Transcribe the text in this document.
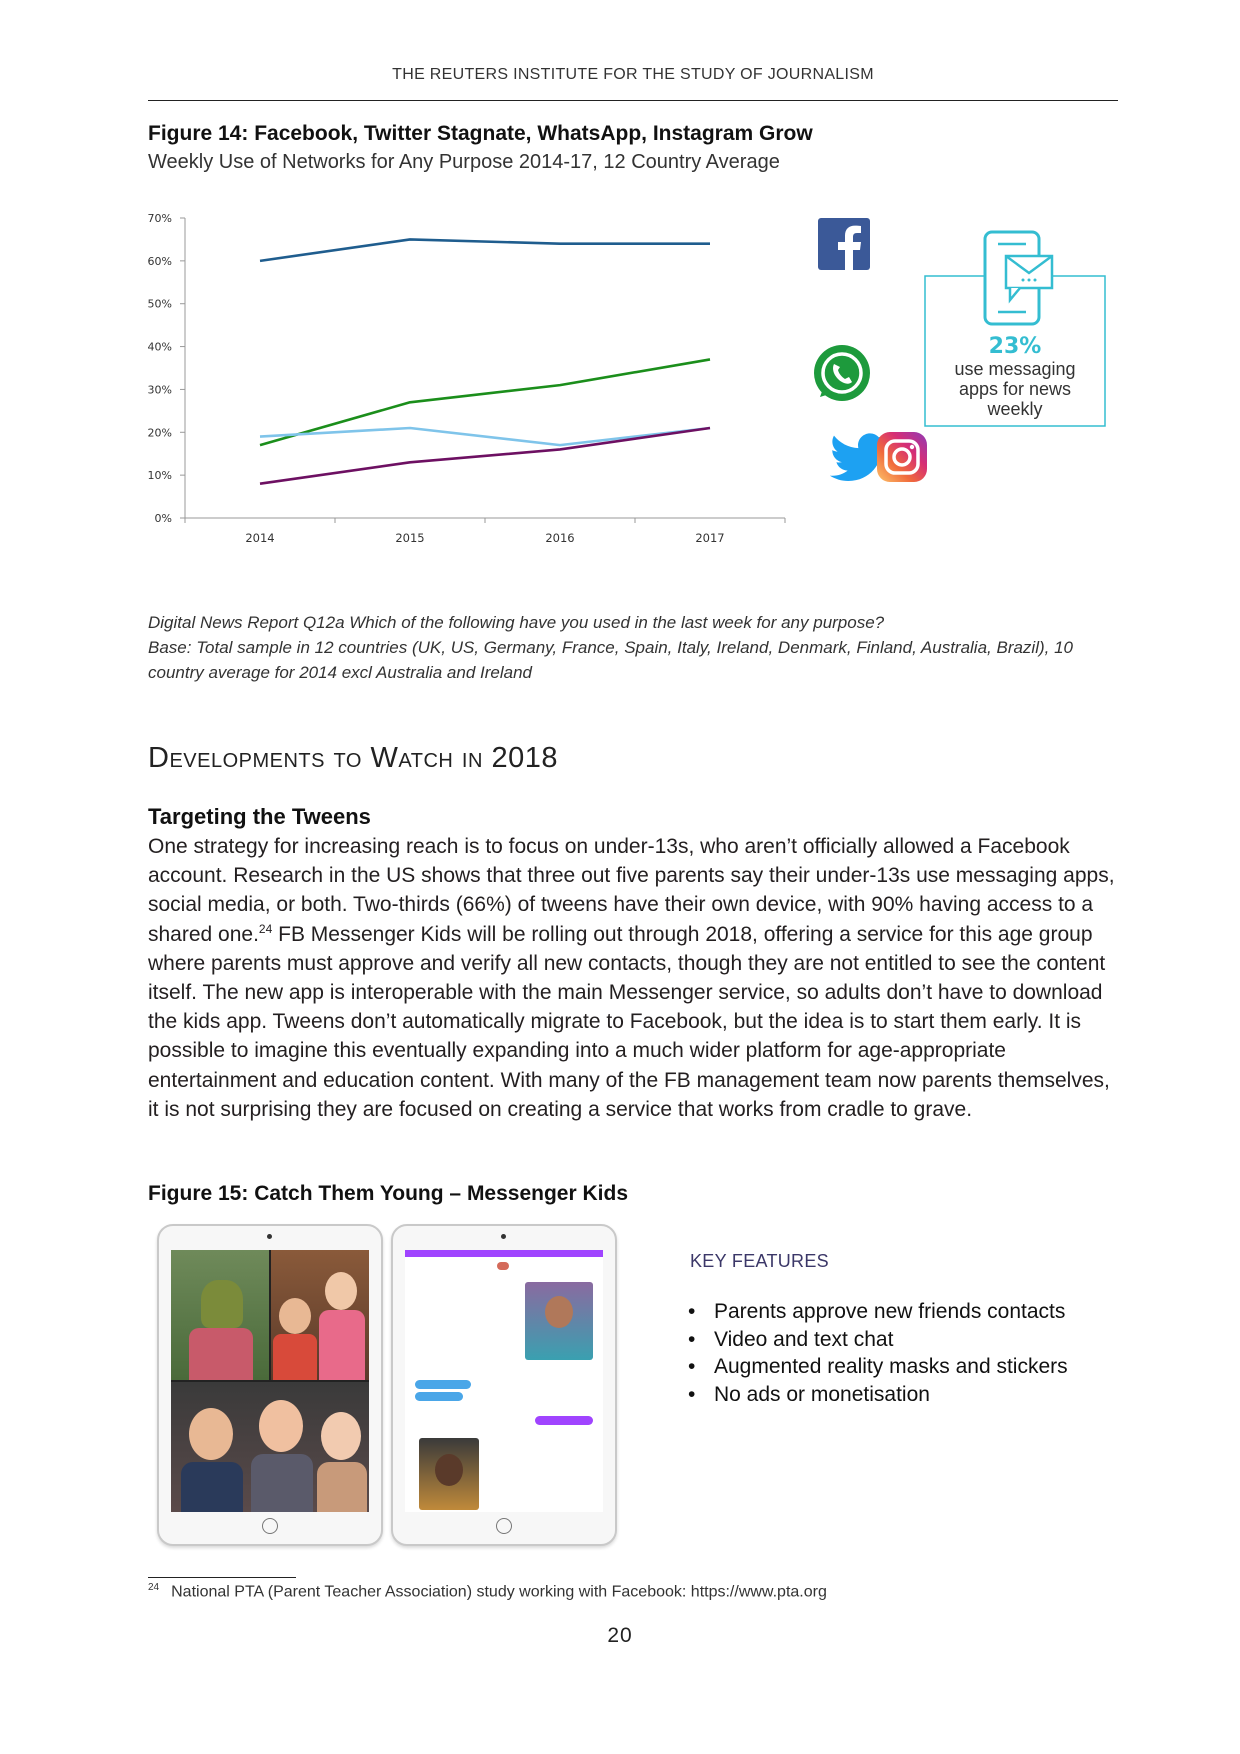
THE REUTERS INSTITUTE FOR THE STUDY OF JOURNALISM
Figure 14: Facebook, Twitter Stagnate, WhatsApp, Instagram Grow
Weekly Use of Networks for Any Purpose 2014-17, 12 Country Average
0%
10%
20%
30%
40%
50%
60%
70%
2014	2015	2016	2017
23%
use messaging
apps for news
weekly
Digital News Report Q12a Which of the following have you used in the last week for any purpose?
Base: Total sample in 12 countries (UK, US, Germany, France, Spain, Italy, Ireland, Denmark, Finland, Australia, Brazil), 10 country average for 2014 excl Australia and Ireland
Developments to Watch in 2018
Targeting the Tweens
One strategy for increasing reach is to focus on under-13s, who aren’t officially allowed a Facebook account. Research in the US shows that three out five parents say their under-13s use messaging apps, social media, or both. Two-thirds (66%) of tweens have their own device, with 90% having access to a shared one.$^{24}$ FB Messenger Kids will be rolling out through 2018, offering a service for this age group where parents must approve and verify all new contacts, though they are not entitled to see the content itself. The new app is interoperable with the main Messenger service, so adults don’t have to download the kids app. Tweens don’t automatically migrate to Facebook, but the idea is to start them early. It is possible to imagine this eventually expanding into a much wider platform for age-appropriate entertainment and education content. With many of the FB management team now parents themselves, it is not surprising they are focused on creating a service that works from cradle to grave.
Figure 15: Catch Them Young – Messenger Kids
KEY FEATURES
• Parents approve new friends contacts
• Video and text chat
• Augmented reality masks and stickers
• No ads or monetisation
$^{24}$ National PTA (Parent Teacher Association) study working with Facebook: https://www.pta.org
20
